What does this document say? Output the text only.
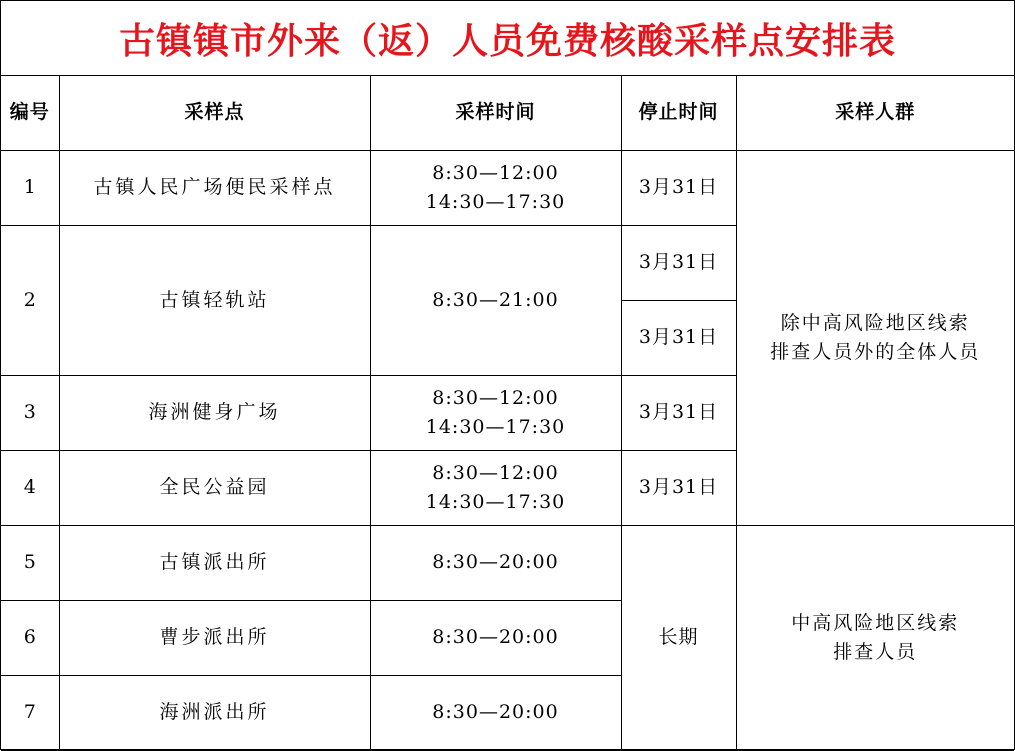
古镇镇市外来（返）人员免费核酸采样点安排表
编号	采样点	采样时间	停止时间	采样人群
1	古镇人民广场便民采样点	8:30—12:00
14:30—17:30	3月31日	除中高风险地区线索
排查人员外的全体人员

2	古镇轻轨站	8:30—21:00	3月31日	
			3月31日	
3	海洲健身广场	8:30—12:00
14:30—17:30	3月31日	
4	全民公益园	8:30—12:00
14:30—17:30	3月31日	
5	古镇派出所	8:30—20:00	长期	中高风险地区线索
排查人员

6	曹步派出所	8:30—20:00		

7	海洲派出所	8:30—20:00		
